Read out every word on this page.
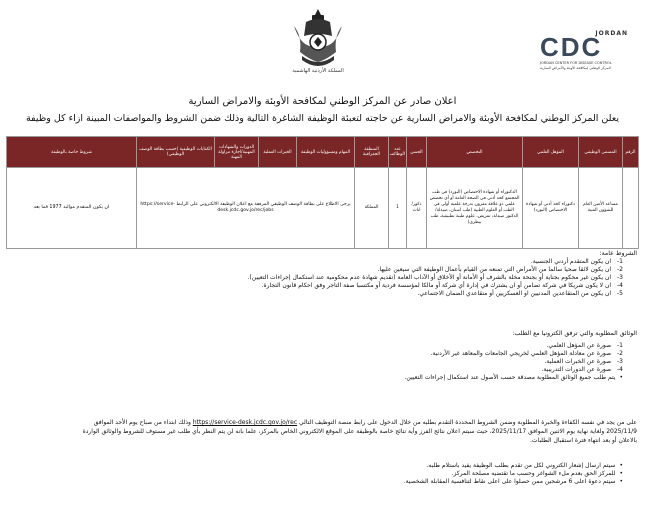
المملكة الأردنية الهاشمية
JORDAN
CDC
JORDAN CENTER FOR DISEASE CONTROL
المركز الوطني لمكافحة الأوبئة والأمراض السارية
اعلان صادر عن المركز الوطني لمكافحة الأوبئة والامراض السارية
يعلن المركز الوطني لمكافحة الأوبئة والامراض السارية عن حاجته لتعبئة الوظيفة الشاغرة التالية وذلك ضمن الشروط والمواصفات المبينة ازاء كل وظيفة
الرقم	المسمى الوظيفي	المؤهل العلمي	التخصص	الجنس	عدد الوظائف	المنطقة الجغرافية	المهام ومسؤوليات الوظيفة	الخبرات العملية	الدورات والشهادات المهنية/اجازة مزاولة المهنة	الكفايات الوظيفية (حسب بطاقة الوصف الوظيفي)	شروط خاصة بالوظيفة
	مساعد الأمين العام للشؤون الفنية	دكتوراه كحد أدنى أو شهادة الاختصاص (البورد)	الدكتوراه أو شهادة الاختصاص (البورد) في طب المجتمع كحد أدنى في الصحة العامة أو أي تخصص علمي ذو علاقة مقرون بدرجة علمية أولى في الطب أو العلوم الطبية (طب اسنان، صيدلة/الدكتور صيدلة، تمريض، علوم طبية تطبيقية، طب بيطري)	ذكور/اناث	1	المملكة	يرجى الاطلاع على بطاقة الوصف الوظيفي المرفقة مع اعلان الوظيفة الالكتروني على الرابط https://service-desk.jcdc.gov.jo/rec/jobs				ان يكون المتقدم مواليد 1977 فما بعد
الشروط عامة:
1- ان يكون المتقدم أردني الجنسية.
2- ان يكون لائقا صحيا سالما من الأمراض التي تمنعه من القيام بأعمال الوظيفة التي سيعين عليها.
3- ان يكون غير محكوم بجناية أو بجنحة مخلة بالشرف أو الأمانة أو الأخلاق أو الآداب العامة (تقديم شهادة عدم محكومية عند استكمال إجراءات التعيين).
4- ان لا يكون شريكا في شركة تضامن أو ان يشترك في إدارة أي شركة أو مالكا لمؤسسة فردية أو مكتسبا صفة التاجر وفق احكام قانون التجارة.
5- ان يكون من المتقاعدين المدنيين او العسكريين أو متقاعدي الضمان الاجتماعي.
الوثائق المطلوبة والتي ترفق الكترونيا مع الطلب:
1- صورة عن المؤهل العلمي.
2- صورة عن معادلة المؤهل العلمي لخريجي الجامعات والمعاهد غير الأردنية.
3- صورة عن الخبرات العملية.
4- صورة عن الدورات التدريبية.
• يتم طلب جميع الوثائق المطلوبة مصدقة حسب الأصول عند استكمال إجراءات التعيين.
على من يجد في نفسه الكفاءة والخبرة المطلوبة وضمن الشروط المحددة التقدم بطلبه من خلال الدخول على رابط منصة التوظيف التالي https://service-desk.jcdc.gov.jo/rec وذلك ابتداء من صباح يوم الأحد الموافق
2025/11/9 ولغاية نهاية يوم الاثنين الموافق 2025/11/17، حيث سيتم اعلان نتائج الفرز وأية نتائج خاصة بالوظيفة على الموقع الالكتروني الخاص بالمركز، علما بانه لن يتم النظر بأي طلب غير مستوف للشروط والوثائق الواردة
بالاعلان أو بعد انتهاء فترة استقبال الطلبات.
• سيتم ارسال إشعار الكتروني لكل من تقدم بطلب الوظيفة يفيد باستلام طلبه.
• للمركز الحق بعدم ملء الشواغر وحسب ما تقتضيه مصلحة المركز.
• سيتم دعوة اعلى 6 مرشحين ممن حصلوا على اعلى نقاط لتنافسية المقابلة الشخصية.
